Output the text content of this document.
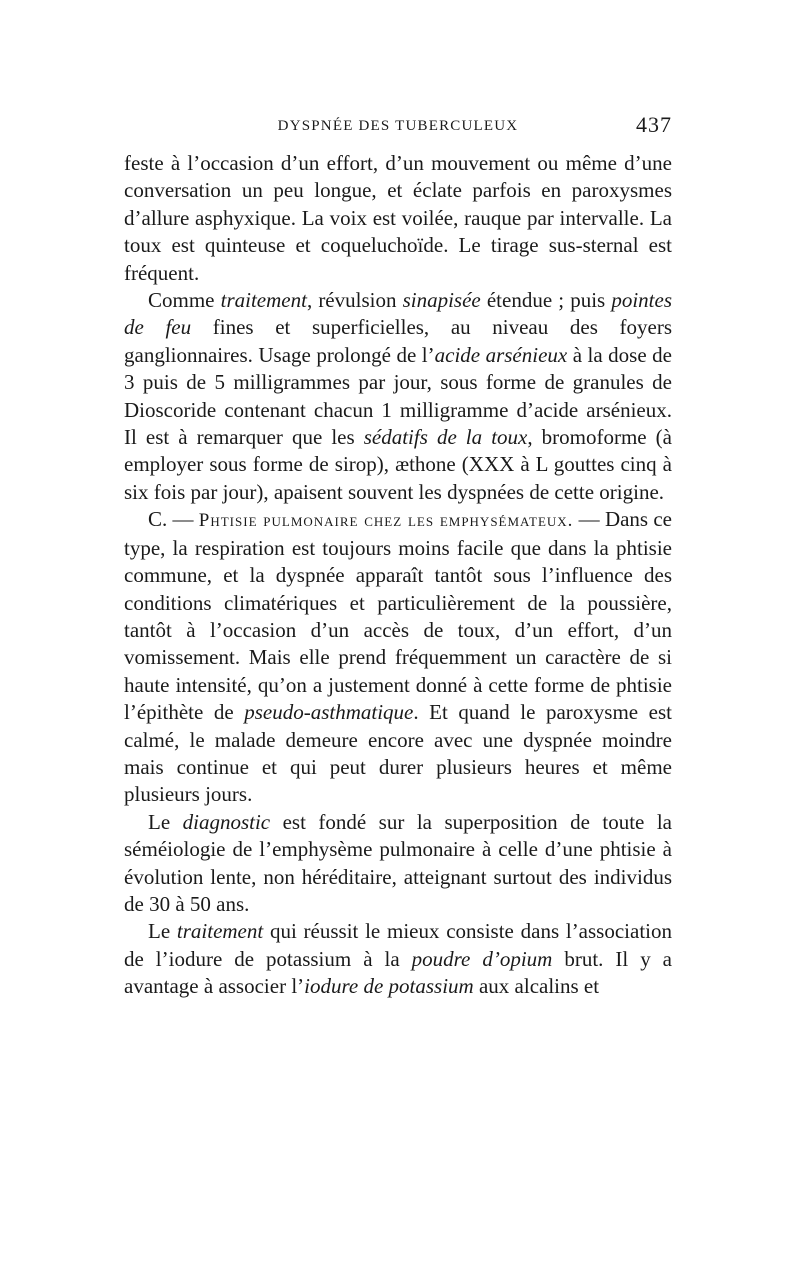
DYSPNÉE DES TUBERCULEUX	437

feste à l’occasion d’un effort, d’un mouvement ou même d’une conversation un peu longue, et éclate parfois en paroxysmes d’allure asphyxique. La voix est voilée, rauque par intervalle. La toux est quinteuse et coqueluchoïde. Le tirage sus-sternal est fréquent.

Comme traitement, révulsion sinapisée étendue ; puis pointes de feu fines et superficielles, au niveau des foyers ganglionnaires. Usage prolongé de l’acide arsénieux à la dose de 3 puis de 5 milligrammes par jour, sous forme de granules de Dioscoride contenant chacun 1 milligramme d’acide arsénieux. Il est à remarquer que les sédatifs de la toux, bromoforme (à employer sous forme de sirop), æthone (XXX à L gouttes cinq à six fois par jour), apaisent souvent les dyspnées de cette origine.

C. — Phtisie pulmonaire chez les emphysémateux. — Dans ce type, la respiration est toujours moins facile que dans la phtisie commune, et la dyspnée apparaît tantôt sous l’influence des conditions climatériques et particulièrement de la poussière, tantôt à l’occasion d’un accès de toux, d’un effort, d’un vomissement. Mais elle prend fréquemment un caractère de si haute intensité, qu’on a justement donné à cette forme de phtisie l’épithète de pseudo-asthmatique. Et quand le paroxysme est calmé, le malade demeure encore avec une dyspnée moindre mais continue et qui peut durer plusieurs heures et même plusieurs jours.

Le diagnostic est fondé sur la superposition de toute la séméiologie de l’emphysème pulmonaire à celle d’une phtisie à évolution lente, non héréditaire, atteignant surtout des individus de 30 à 50 ans.

Le traitement qui réussit le mieux consiste dans l’association de l’iodure de potassium à la poudre d’opium brut. Il y a avantage à associer l’iodure de potassium aux alcalins et
